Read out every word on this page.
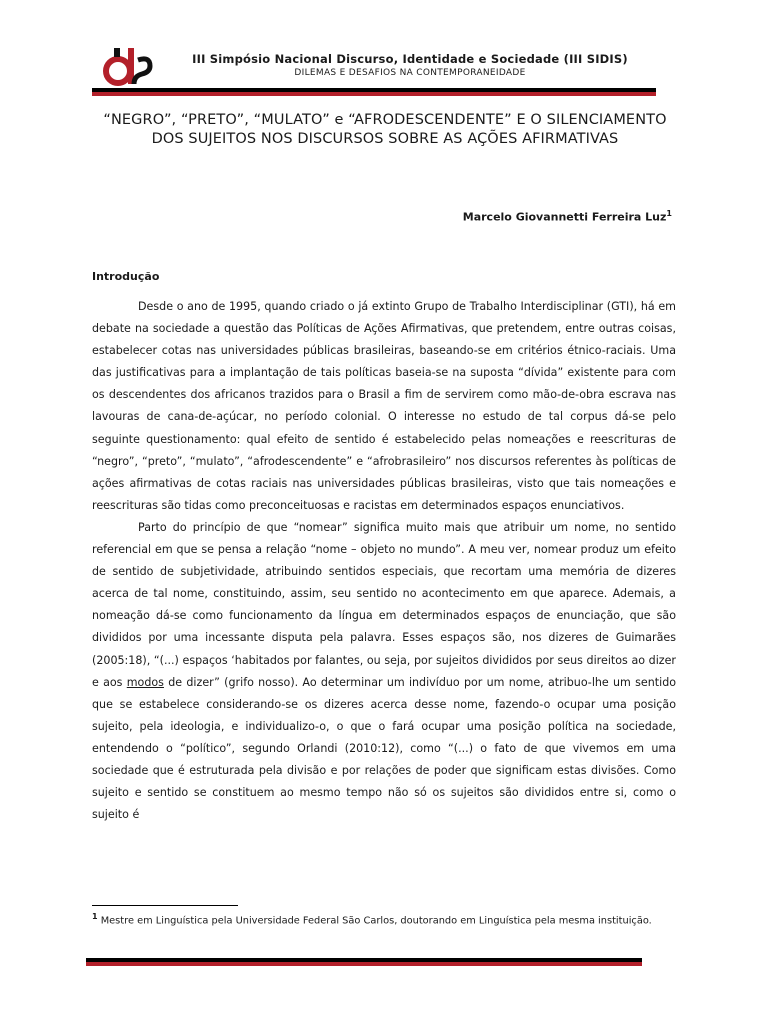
dis
III Simpósio Nacional Discurso, Identidade e Sociedade (III SIDIS)
DILEMAS E DESAFIOS NA CONTEMPORANEIDADE
“NEGRO”, “PRETO”, “MULATO” e “AFRODESCENDENTE” E O SILENCIAMENTO DOS SUJEITOS NOS DISCURSOS SOBRE AS AÇÕES AFIRMATIVAS
Marcelo Giovannetti Ferreira Luz$^1$
Introdução

Desde o ano de 1995, quando criado o já extinto Grupo de Trabalho Interdisciplinar (GTI), há em debate na sociedade a questão das Políticas de Ações Afirmativas, que pretendem, entre outras coisas, estabelecer cotas nas universidades públicas brasileiras, baseando-se em critérios étnico-raciais. Uma das justificativas para a implantação de tais políticas baseia-se na suposta “dívida” existente para com os descendentes dos africanos trazidos para o Brasil a fim de servirem como mão-de-obra escrava nas lavouras de cana-de-açúcar, no período colonial. O interesse no estudo de tal corpus dá-se pelo seguinte questionamento: qual efeito de sentido é estabelecido pelas nomeações e reescrituras de “negro”, “preto”, “mulato”, “afrodescendente” e “afrobrasileiro” nos discursos referentes às políticas de ações afirmativas de cotas raciais nas universidades públicas brasileiras, visto que tais nomeações e reescrituras são tidas como preconceituosas e racistas em determinados espaços enunciativos.

Parto do princípio de que “nomear” significa muito mais que atribuir um nome, no sentido referencial em que se pensa a relação “nome – objeto no mundo”. A meu ver, nomear produz um efeito de sentido de subjetividade, atribuindo sentidos especiais, que recortam uma memória de dizeres acerca de tal nome, constituindo, assim, seu sentido no acontecimento em que aparece. Ademais, a nomeação dá-se como funcionamento da língua em determinados espaços de enunciação, que são divididos por uma incessante disputa pela palavra. Esses espaços são, nos dizeres de Guimarães (2005:18), “(...) espaços ‘habitados por falantes, ou seja, por sujeitos divididos por seus direitos ao dizer e aos modos de dizer” (grifo nosso). Ao determinar um indivíduo por um nome, atribuo-lhe um sentido que se estabelece considerando-se os dizeres acerca desse nome, fazendo-o ocupar uma posição sujeito, pela ideologia, e individualizo-o, o que o fará ocupar uma posição política na sociedade, entendendo o “político”, segundo Orlandi (2010:12), como “(...) o fato de que vivemos em uma sociedade que é estruturada pela divisão e por relações de poder que significam estas divisões. Como sujeito e sentido se constituem ao mesmo tempo não só os sujeitos são divididos entre si, como o sujeito é

$^1$ Mestre em Linguística pela Universidade Federal São Carlos, doutorando em Linguística pela mesma instituição.
